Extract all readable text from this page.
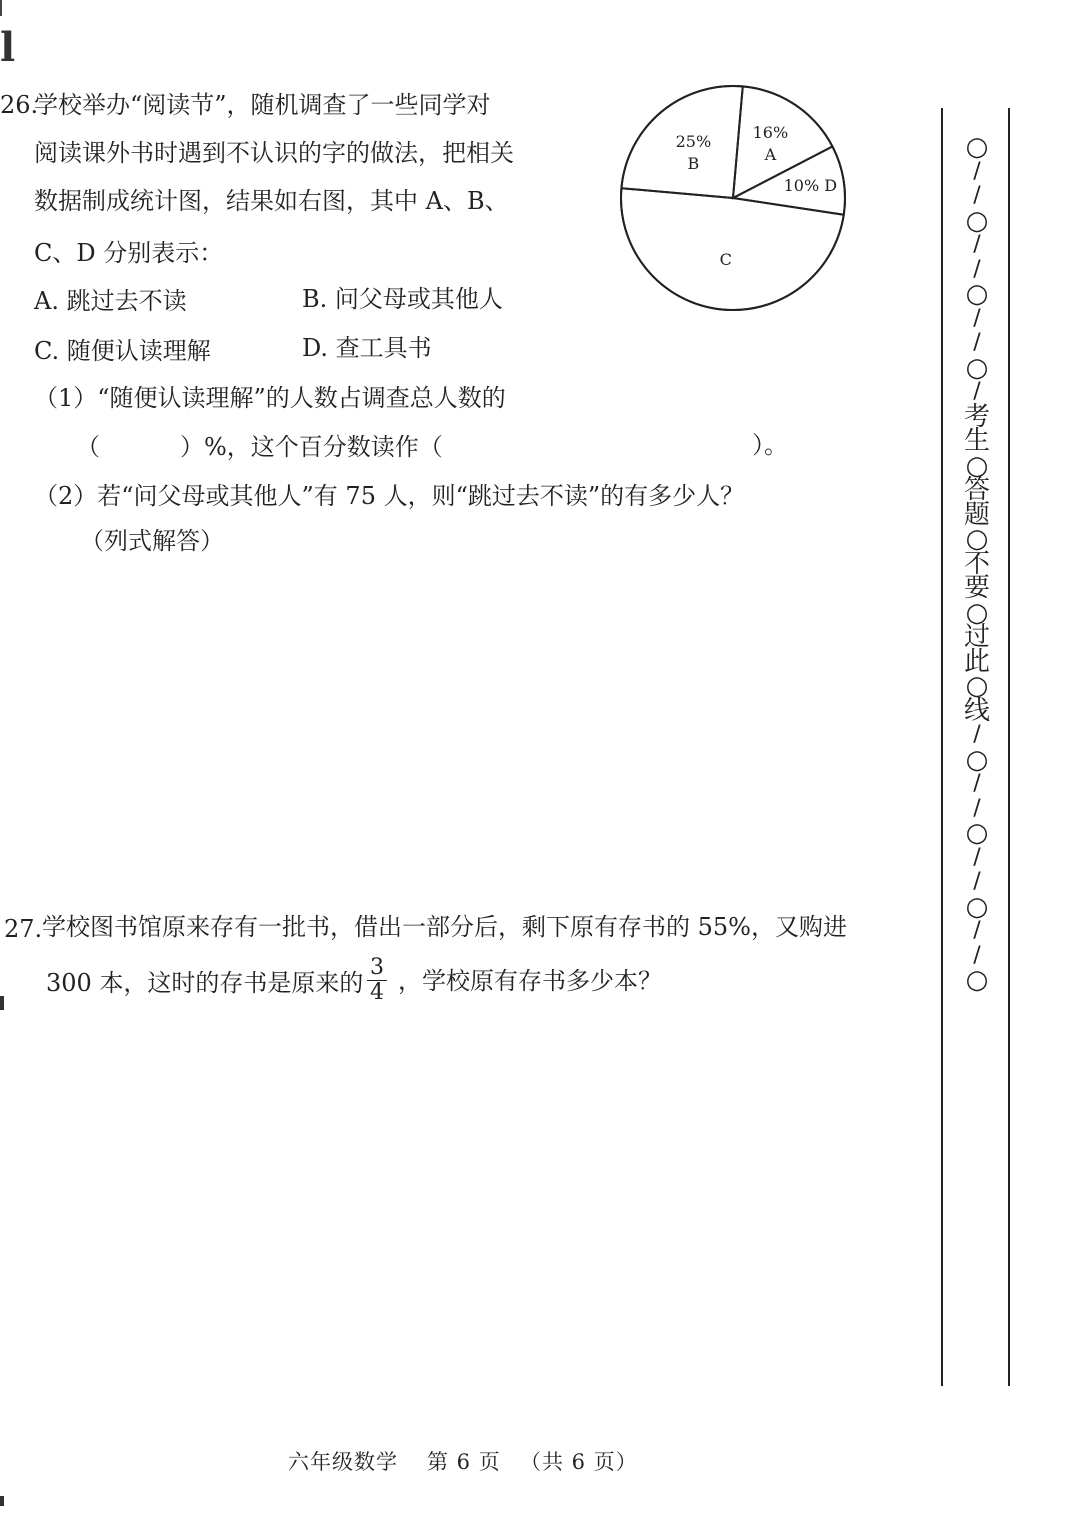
l
26.
学校举办“阅读节”，随机调查了一些同学对
阅读课外书时遇到不认识的字的做法，把相关
数据制成统计图，结果如右图，其中 A、B、
C、D 分别表示：
A. 跳过去不读	B. 问父母或其他人
C. 随便认读理解	D. 查工具书
（1）“随便认读理解”的人数占调查总人数的
（	）%，这个百分数读作（	）。
（2）若“问父母或其他人”有 75 人，则“跳过去不读”的有多少人？
（列式解答）
16%
A
10% D
C
25%
B
27. 学校图书馆原来存有一批书，借出一部分后，剩下原有存书的 55%，又购进
300 本，这时的存书是原来的 $\frac{3}{4}$ ，学校原有存书多少本？
○
/
/
○
/
/
○
/
/
○
/
考
生
○
答
题
○
不
要
○
过
此
○
线
/
○
/
/
○
/
/
○
/
/
○
六年级数学 第 6 页 （共 6 页）
